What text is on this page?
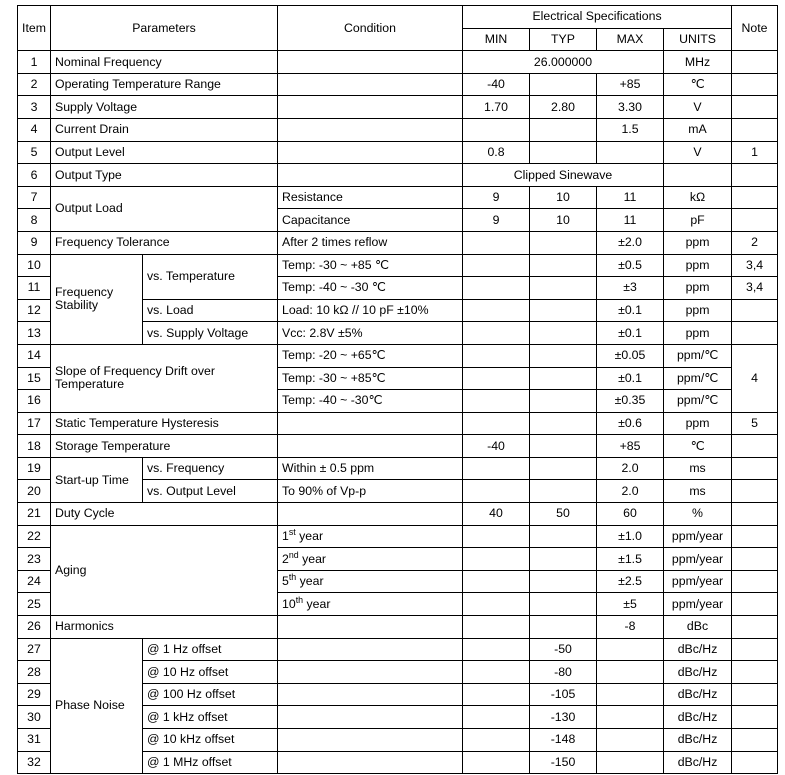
Item	Parameters		Condition	Electrical Specifications				Note
				MIN	TYP	MAX	UNITS	
1	Nominal Frequency			26.000000			MHz	
2	Operating Temperature Range			-40		+85	℃	
3	Supply Voltage			1.70	2.80	3.30	V	
4	Current Drain					1.5	mA	
5	Output Level			0.8			V	1
6	Output Type			Clipped Sinewave				
7	Output Load		Resistance	9	10	11	kΩ	
8			Capacitance	9	10	11	pF	
9	Frequency Tolerance		After 2 times reflow			±2.0	ppm	2
10	Frequency Stability	vs. Temperature	Temp: -30 ~ +85 ℃			±0.5	ppm	3,4
11			Temp: -40 ~ -30 ℃			±3	ppm	3,4
12		vs. Load	Load: 10 kΩ // 10 pF ±10%			±0.1	ppm	
13		vs. Supply Voltage	Vcc: 2.8V ±5%			±0.1	ppm	
14	Slope of Frequency Drift over Temperature		Temp: -20 ~ +65℃			±0.05	ppm/℃	4
15			Temp: -30 ~ +85℃			±0.1	ppm/℃	
16			Temp: -40 ~ -30℃			±0.35	ppm/℃	
17	Static Temperature Hysteresis					±0.6	ppm	5
18	Storage Temperature			-40		+85	℃	
19	Start-up Time	vs. Frequency	Within ± 0.5 ppm			2.0	ms	
20		vs. Output Level	To 90% of Vp-p			2.0	ms	
21	Duty Cycle			40	50	60	%	
22	Aging		1st year			±1.0	ppm/year	
23			2nd year			±1.5	ppm/year	
24			5th year			±2.5	ppm/year	
25			10th year			±5	ppm/year	
26	Harmonics					-8	dBc	
27	Phase Noise	@ 1 Hz offset			-50		dBc/Hz	
28		@ 10 Hz offset			-80		dBc/Hz	
29		@ 100 Hz offset			-105		dBc/Hz	
30		@ 1 kHz offset			-130		dBc/Hz	
31		@ 10 kHz offset			-148		dBc/Hz	
32		@ 1 MHz offset			-150		dBc/Hz	
